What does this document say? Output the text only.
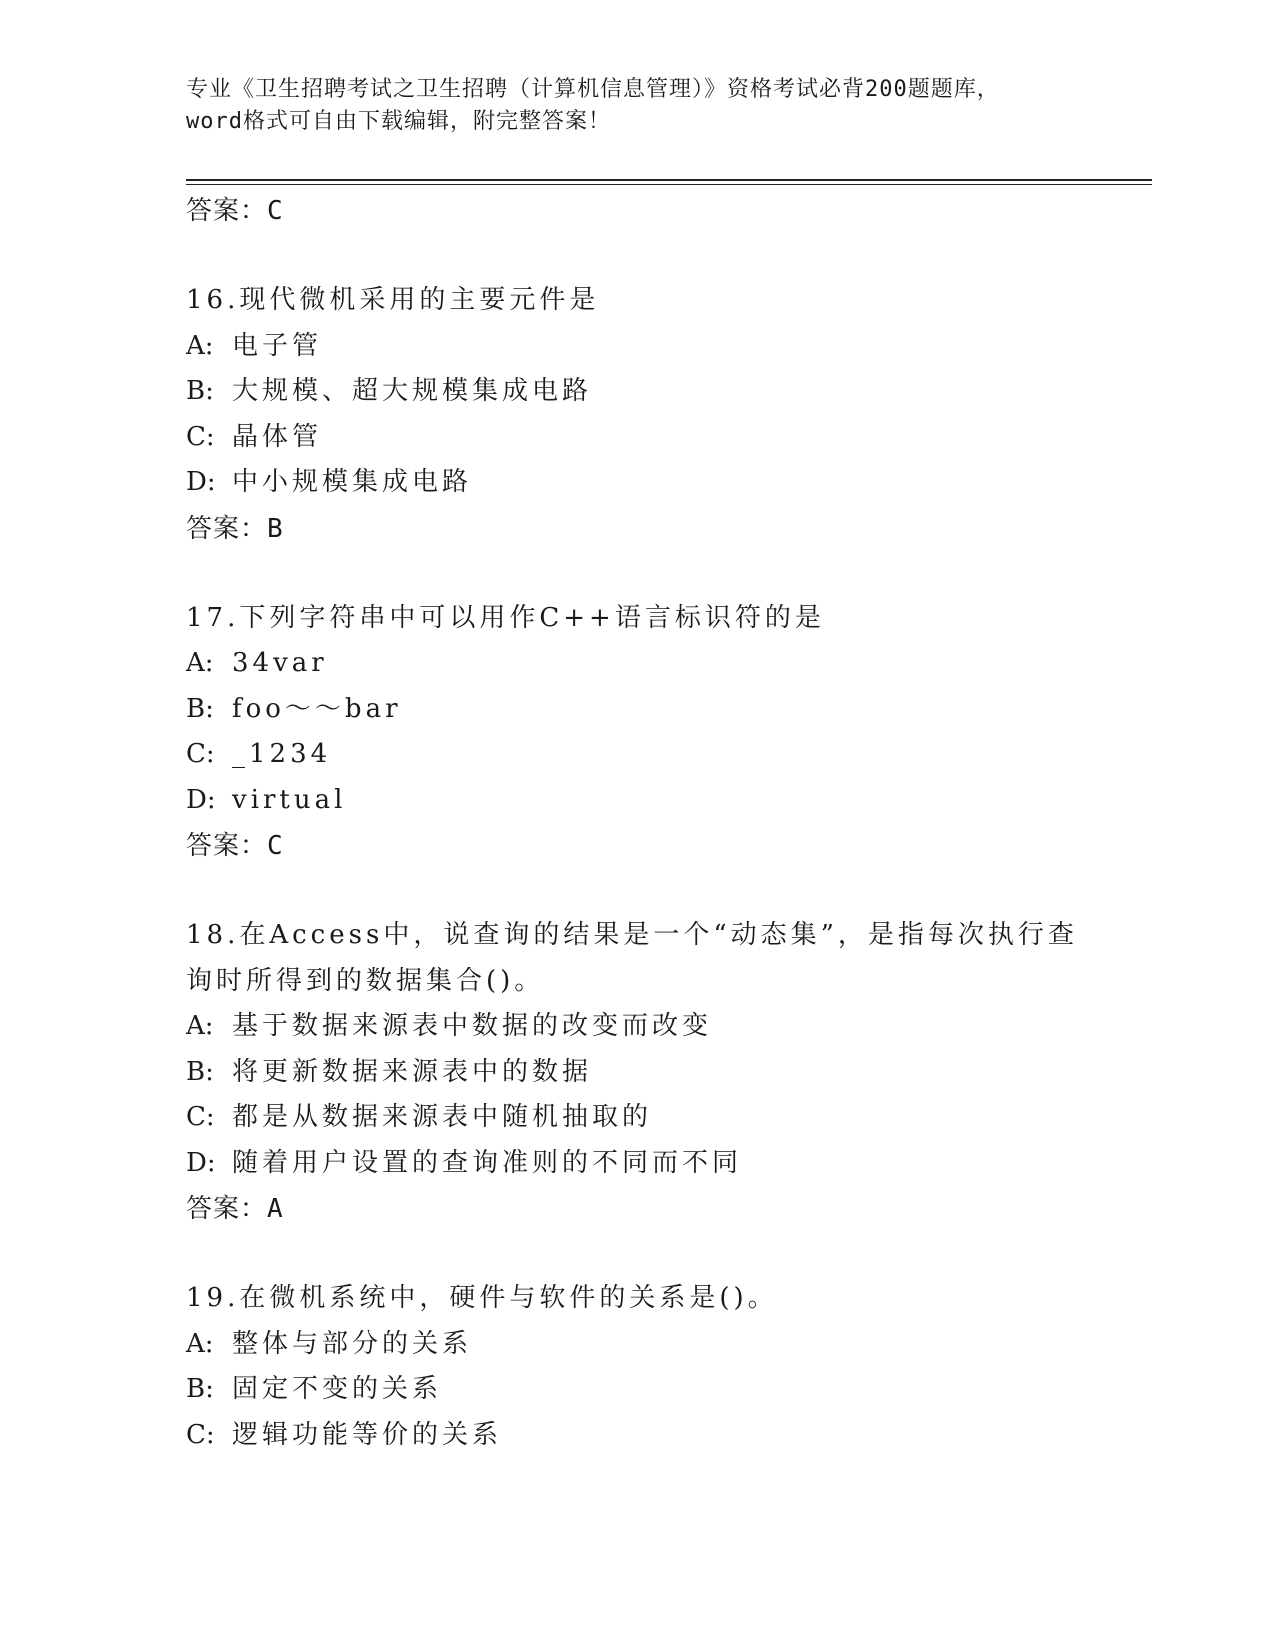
专业《卫生招聘考试之卫生招聘（计算机信息管理）》资格考试必背200题题库，
word格式可自由下载编辑，附完整答案！
答案：C
16.现代微机采用的主要元件是
A: 电子管
B: 大规模、超大规模集成电路
C: 晶体管
D: 中小规模集成电路
答案：B
17.下列字符串中可以用作C++语言标识符的是
A: 34var
B: foo～～bar
C: _1234
D: virtual
答案：C
18.在Access中，说查询的结果是一个“动态集”，是指每次执行查询时所得到的数据集合()。
A: 基于数据来源表中数据的改变而改变
B: 将更新数据来源表中的数据
C: 都是从数据来源表中随机抽取的
D: 随着用户设置的查询准则的不同而不同
答案：A
19.在微机系统中，硬件与软件的关系是()。
A: 整体与部分的关系
B: 固定不变的关系
C: 逻辑功能等价的关系
